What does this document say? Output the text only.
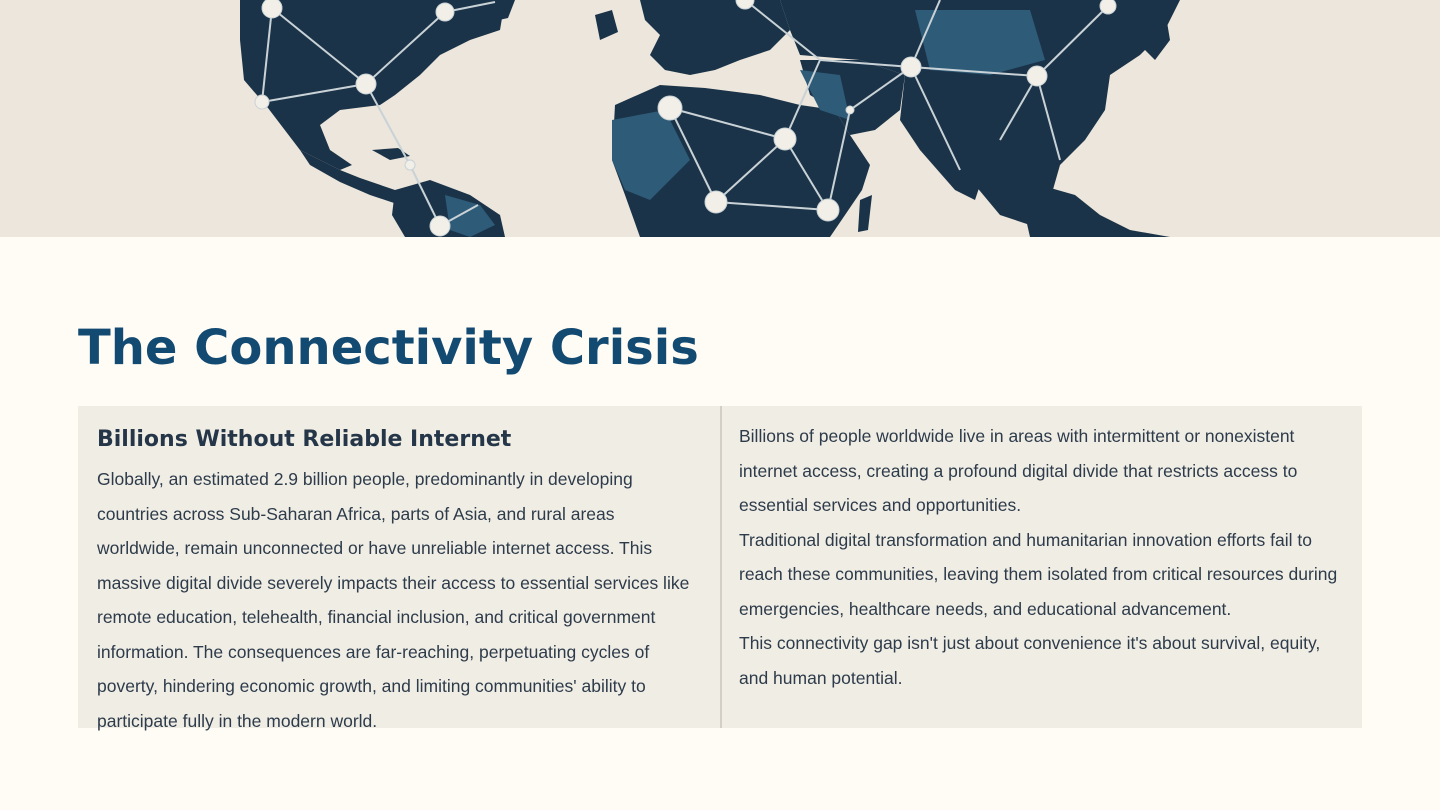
The Connectivity Crisis
Billions Without Reliable Internet

Globally, an estimated 2.9 billion people, predominantly in developing countries across Sub-Saharan Africa, parts of Asia, and rural areas worldwide, remain unconnected or have unreliable internet access. This massive digital divide severely impacts their access to essential services like remote education, telehealth, financial inclusion, and critical government information. The consequences are far-reaching, perpetuating cycles of poverty, hindering economic growth, and limiting communities' ability to participate fully in the modern world.

Billions of people worldwide live in areas with intermittent or nonexistent internet access, creating a profound digital divide that restricts access to essential services and opportunities.

Traditional digital transformation and humanitarian innovation efforts fail to reach these communities, leaving them isolated from critical resources during emergencies, healthcare needs, and educational advancement.

This connectivity gap isn't just about convenience it's about survival, equity, and human potential.
